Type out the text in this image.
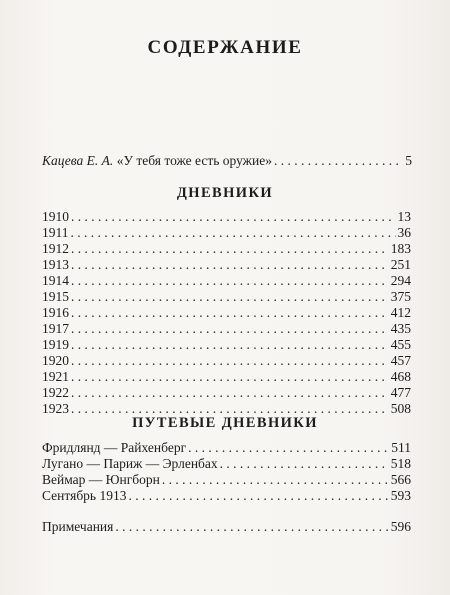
СОДЕРЖАНИЕ
Кацева Е. А. «У тебя тоже есть оружие» . . .	5
ДНЕВНИКИ
1910 . . .	13
1911 . . .	36
1912 . . .	183
1913 . . .	251
1914 . . .	294
1915 . . .	375
1916 . . .	412
1917 . . .	435
1919 . . .	455
1920 . . .	457
1921 . . .	468
1922 . . .	477
1923 . . .	508
ПУТЕВЫЕ ДНЕВНИКИ
Фридлянд — Райхенберг . . .	511
Лугано — Париж — Эрленбах . . .	518
Веймар — Юнгборн . . .	566
Сентябрь 1913 . . .	593
Примечания . . .	596
